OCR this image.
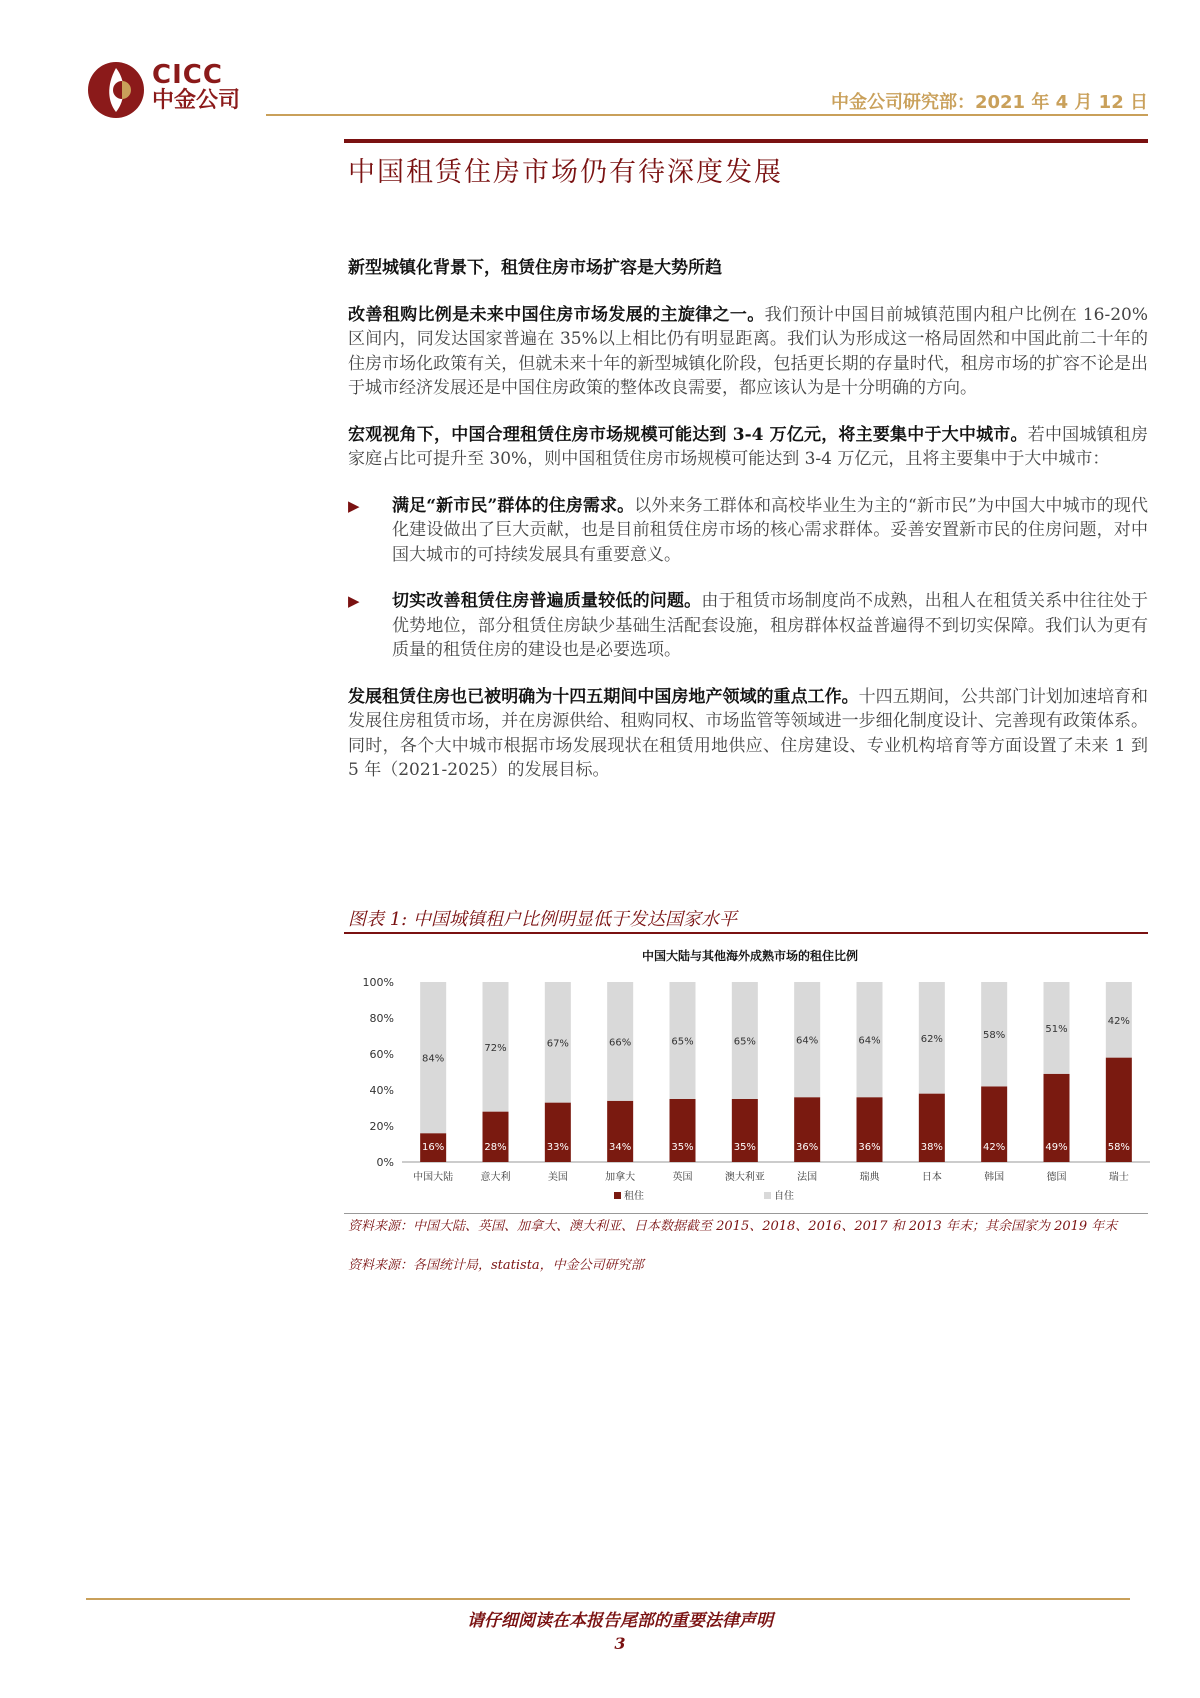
CICC
中金公司	中金公司研究部：2021 年 4 月 12 日
中国租赁住房市场仍有待深度发展
新型城镇化背景下，租赁住房市场扩容是大势所趋

改善租购比例是未来中国住房市场发展的主旋律之一。我们预计中国目前城镇范围内租户比例在 16-20%区间内，同发达国家普遍在 35%以上相比仍有明显距离。我们认为形成这一格局固然和中国此前二十年的住房市场化政策有关，但就未来十年的新型城镇化阶段，包括更长期的存量时代，租房市场的扩容不论是出于城市经济发展还是中国住房政策的整体改良需要，都应该认为是十分明确的方向。

宏观视角下，中国合理租赁住房市场规模可能达到 3-4 万亿元，将主要集中于大中城市。若中国城镇租房家庭占比可提升至 30%，则中国租赁住房市场规模可能达到 3-4 万亿元，且将主要集中于大中城市：

▶ 满足“新市民”群体的住房需求。以外来务工群体和高校毕业生为主的“新市民”为中国大中城市的现代化建设做出了巨大贡献，也是目前租赁住房市场的核心需求群体。妥善安置新市民的住房问题，对中国大城市的可持续发展具有重要意义。
▶ 切实改善租赁住房普遍质量较低的问题。由于租赁市场制度尚不成熟，出租人在租赁关系中往往处于优势地位，部分租赁住房缺少基础生活配套设施，租房群体权益普遍得不到切实保障。我们认为更有质量的租赁住房的建设也是必要选项。

发展租赁住房也已被明确为十四五期间中国房地产领域的重点工作。十四五期间，公共部门计划加速培育和发展住房租赁市场，并在房源供给、租购同权、市场监管等领域进一步细化制度设计、完善现有政策体系。同时，各个大中城市根据市场发展现状在租赁用地供应、住房建设、专业机构培育等方面设置了未来 1 到 5 年（2021-2025）的发展目标。

图表 1: 中国城镇租户比例明显低于发达国家水平
中国大陆与其他海外成熟市场的租住比例
0%
20%
40%
60%
80%
100%
16%
84%
中国大陆
28%
72%
意大利
33%
67%
美国
34%
66%
加拿大
35%
65%
英国
35%
65%
澳大利亚
36%
64%
法国
36%
64%
瑞典
38%
62%
日本
42%
58%
韩国
49%
51%
德国
58%
42%
瑞士
租住	自住
资料来源：中国大陆、英国、加拿大、澳大利亚、日本数据截至 2015、2018、2016、2017 和 2013 年末；其余国家为 2019 年末
资料来源：各国统计局，statista，中金公司研究部
请仔细阅读在本报告尾部的重要法律声明
3
